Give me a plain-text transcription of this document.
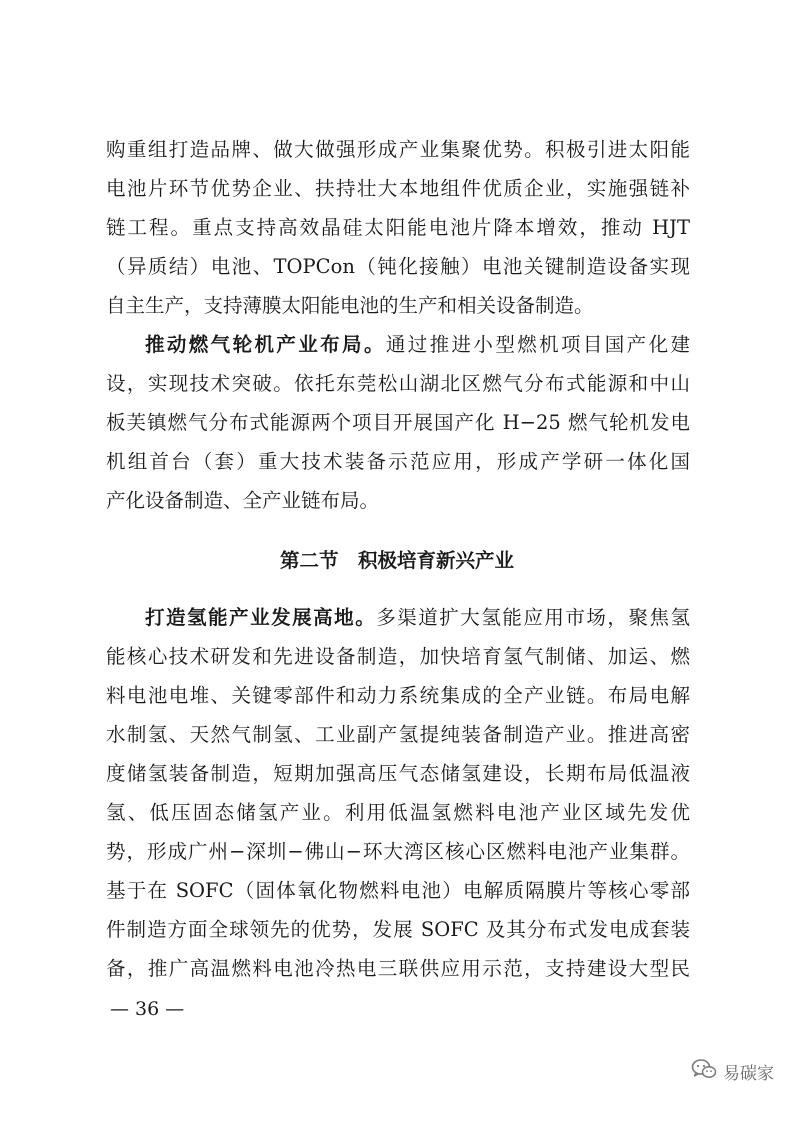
购重组打造品牌、做大做强形成产业集聚优势。积极引进太阳能
电池片环节优势企业、扶持壮大本地组件优质企业，实施强链补
链工程。重点支持高效晶硅太阳能电池片降本增效，推动 HJT
（异质结）电池、TOPCon（钝化接触）电池关键制造设备实现
自主生产，支持薄膜太阳能电池的生产和相关设备制造。
推动燃气轮机产业布局。通过推进小型燃机项目国产化建
设，实现技术突破。依托东莞松山湖北区燃气分布式能源和中山
板芙镇燃气分布式能源两个项目开展国产化 H−25 燃气轮机发电
机组首台（套）重大技术装备示范应用，形成产学研一体化国
产化设备制造、全产业链布局。
第二节　积极培育新兴产业
打造氢能产业发展高地。多渠道扩大氢能应用市场，聚焦氢
能核心技术研发和先进设备制造，加快培育氢气制储、加运、燃
料电池电堆、关键零部件和动力系统集成的全产业链。布局电解
水制氢、天然气制氢、工业副产氢提纯装备制造产业。推进高密
度储氢装备制造，短期加强高压气态储氢建设，长期布局低温液
氢、低压固态储氢产业。利用低温氢燃料电池产业区域先发优
势，形成广州−深圳−佛山−环大湾区核心区燃料电池产业集群。
基于在 SOFC（固体氧化物燃料电池）电解质隔膜片等核心零部
件制造方面全球领先的优势，发展 SOFC 及其分布式发电成套装
备，推广高温燃料电池冷热电三联供应用示范，支持建设大型民
— 36 —
易碳家
